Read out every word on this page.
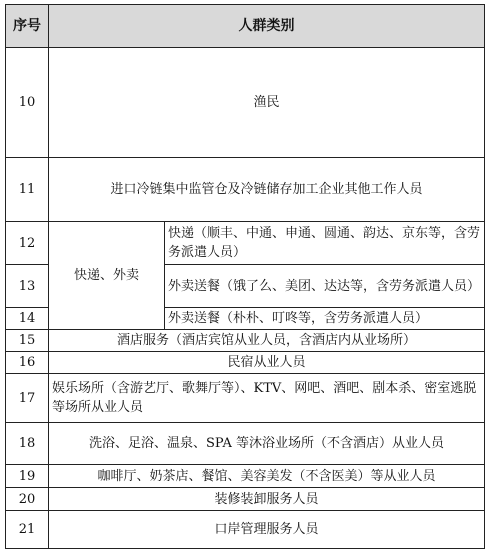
序号	人群类别	
10	渔民	
11	进口冷链集中监管仓及冷链储存加工企业其他工作人员	
12	快递、外卖	快递（顺丰、中通、申通、圆通、韵达、京东等，含劳务派遣人员）
13		外卖送餐（饿了么、美团、达达等，含劳务派遣人员）
14		外卖送餐（朴朴、叮咚等，含劳务派遣人员）
15	酒店服务（酒店宾馆从业人员，含酒店内从业场所）	
16	民宿从业人员	
17	娱乐场所（含游艺厅、歌舞厅等）、KTV、网吧、酒吧、剧本杀、密室逃脱等场所从业人员	
18	洗浴、足浴、温泉、SPA 等沐浴业场所（不含酒店）从业人员	
19	咖啡厅、奶茶店、餐馆、美容美发（不含医美）等从业人员	
20	装修装卸服务人员	
21	口岸管理服务人员	
